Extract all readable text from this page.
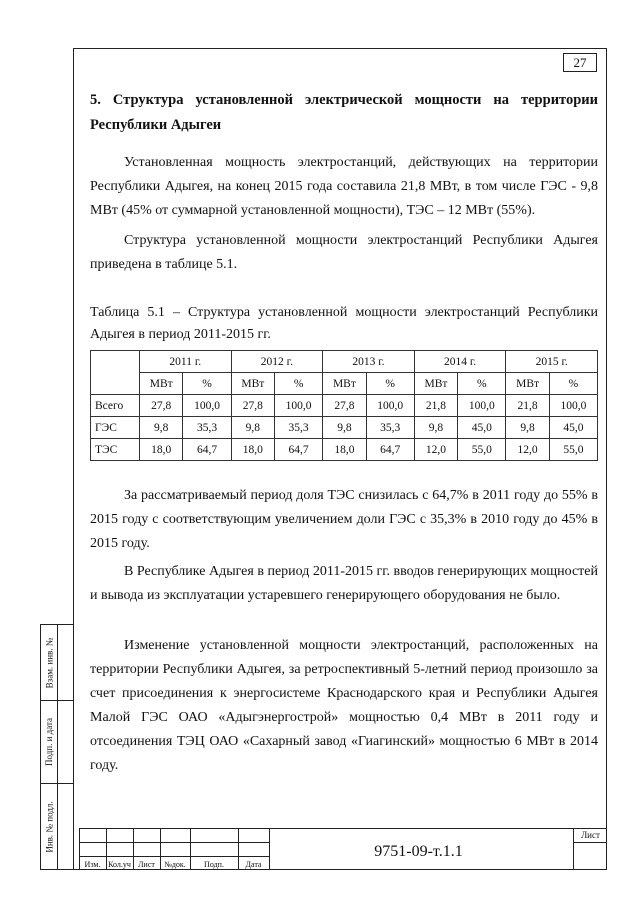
27
5. Структура установленной электрической мощности на территории Республики Адыгеи
Установленная мощность электростанций, действующих на территории Республики Адыгея, на конец 2015 года составила 21,8 МВт, в том числе ГЭС - 9,8 МВт (45% от суммарной установленной мощности), ТЭС – 12 МВт (55%).
Структура установленной мощности электростанций Республики Адыгея приведена в таблице 5.1.
Таблица 5.1 – Структура установленной мощности электростанций Республики Адыгея в период 2011-2015 гг.
	2011 г.		2012 г.		2013 г.		2014 г.		2015 г.	
	МВт	%	МВт	%	МВт	%	МВт	%	МВт	%
Всего	27,8	100,0	27,8	100,0	27,8	100,0	21,8	100,0	21,8	100,0
ГЭС	9,8	35,3	9,8	35,3	9,8	35,3	9,8	45,0	9,8	45,0
ТЭС	18,0	64,7	18,0	64,7	18,0	64,7	12,0	55,0	12,0	55,0
За рассматриваемый период доля ТЭС снизилась с 64,7% в 2011 году до 55% в 2015 году с соответствующим увеличением доли ГЭС с 35,3% в 2010 году до 45% в 2015 году.
В Республике Адыгея в период 2011-2015 гг. вводов генерирующих мощностей и вывода из эксплуатации устаревшего генерирующего оборудования не было.
Изменение установленной мощности электростанций, расположенных на территории Республики Адыгея, за ретроспективный 5-летний период произошло за счет присоединения к энергосистеме Краснодарского края и Республики Адыгея Малой ГЭС ОАО «Адыгэнергострой» мощностью 0,4 МВт в 2011 году и отсоединения ТЭЦ ОАО «Сахарный завод «Гиагинский» мощностью 6 МВт в 2014 году.
Взам. инв. №
Подп. и дата
Инв. № подл.
Изм. Кол.уч Лист	№док.	Подп.	Дата
9751-09-т.1.1
Лист
